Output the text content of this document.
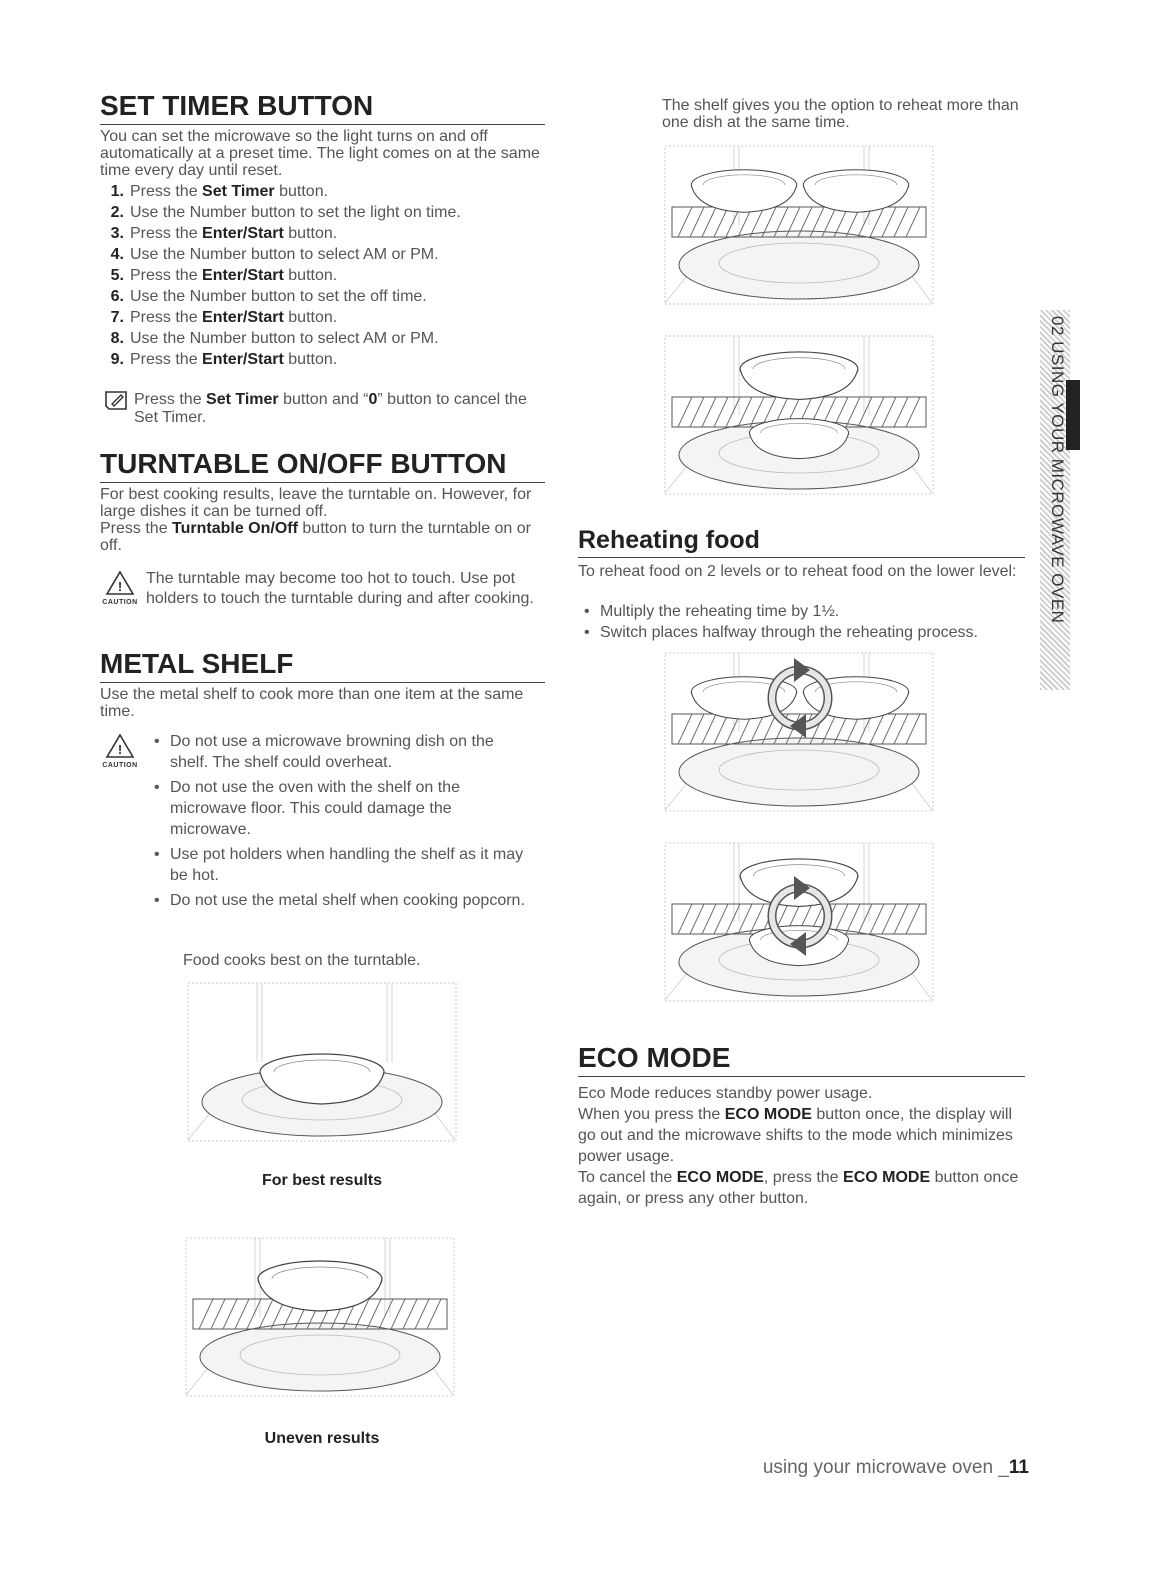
SET TIMER BUTTON

You can set the microwave so the light turns on and off automatically at a preset time. The light comes on at the same time every day until reset.

1. Press the Set Timer button.
2. Use the Number button to set the light on time.
3. Press the Enter/Start button.
4. Use the Number button to select AM or PM.
5. Press the Enter/Start button.
6. Use the Number button to set the off time.
7. Press the Enter/Start button.
8. Use the Number button to select AM or PM.
9. Press the Enter/Start button.

Press the Set Timer button and “0” button to cancel the Set Timer.

TURNTABLE ON/OFF BUTTON

For best cooking results, leave the turntable on. However, for large dishes it can be turned off.

Press the Turntable On/Off button to turn the turntable on or off.

!
CAUTION

The turntable may become too hot to touch. Use pot holders to touch the turntable during and after cooking.

METAL SHELF

Use the metal shelf to cook more than one item at the same time.

!
CAUTION
• Do not use a microwave browning dish on the shelf. The shelf could overheat.
• Do not use the oven with the shelf on the microwave floor. This could damage the microwave.
• Use pot holders when handling the shelf as it may be hot.
• Do not use the metal shelf when cooking popcorn.

Food cooks best on the turntable.

For best results
Uneven results

The shelf gives you the option to reheat more than one dish at the same time.

Reheating food

To reheat food on 2 levels or to reheat food on the lower level:

• Multiply the reheating time by 1½.
• Switch places halfway through the reheating process.
ECO MODE

Eco Mode reduces standby power usage.
When you press the ECO MODE button once, the display will go out and the microwave shifts to the mode which minimizes power usage.
To cancel the ECO MODE, press the ECO MODE button once again, or press any other button.

02 USING YOUR MICROWAVE OVEN
using your microwave oven _11
